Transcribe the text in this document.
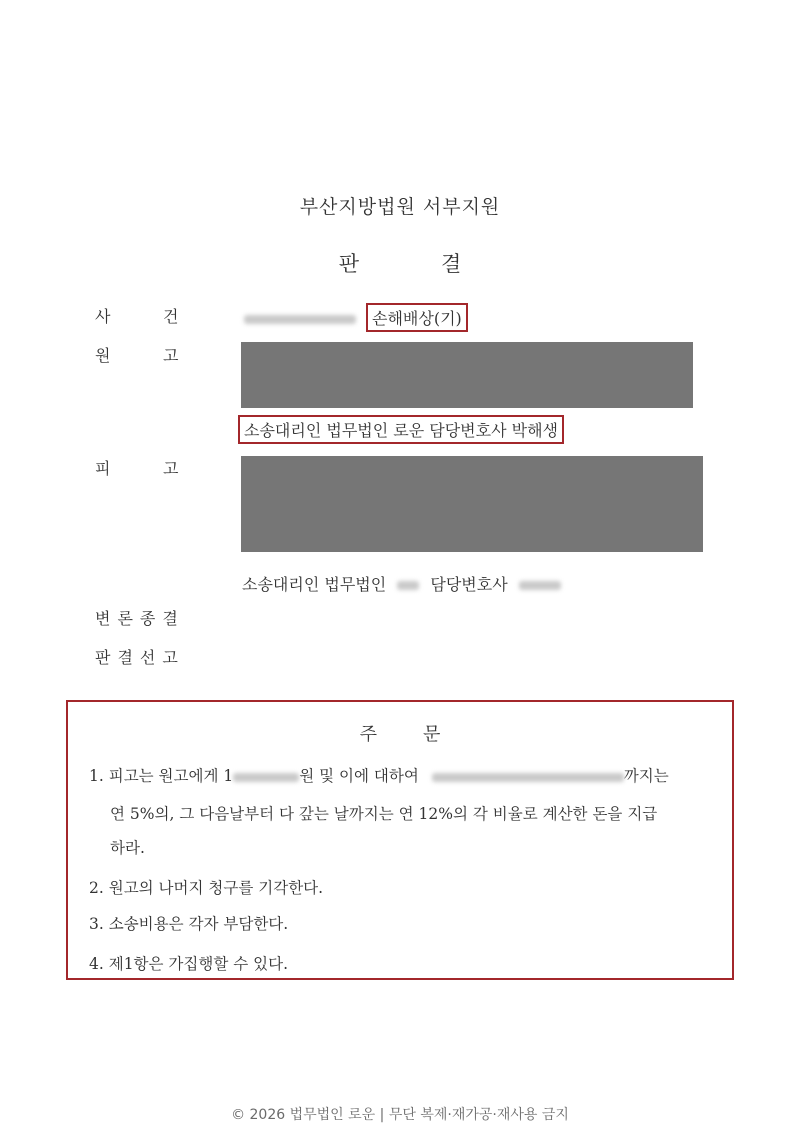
부산지방법원 서부지원
판	결
사	건	손해배상(기)
원	고
소송대리인 법무법인 로운 담당변호사 박해생
피	고
소송대리인 법무법인	담당변호사
변론종결
판결선고
주	문
1. 피고는 원고에게 1	원 및 이에 대하여	까지는
연 5%의, 그 다음날부터 다 갚는 날까지는 연 12%의 각 비율로 계산한 돈을 지급
하라.
2. 원고의 나머지 청구를 기각한다.
3. 소송비용은 각자 부담한다.
4. 제1항은 가집행할 수 있다.
© 2026 법무법인 로운 | 무단 복제·재가공·재사용 금지
